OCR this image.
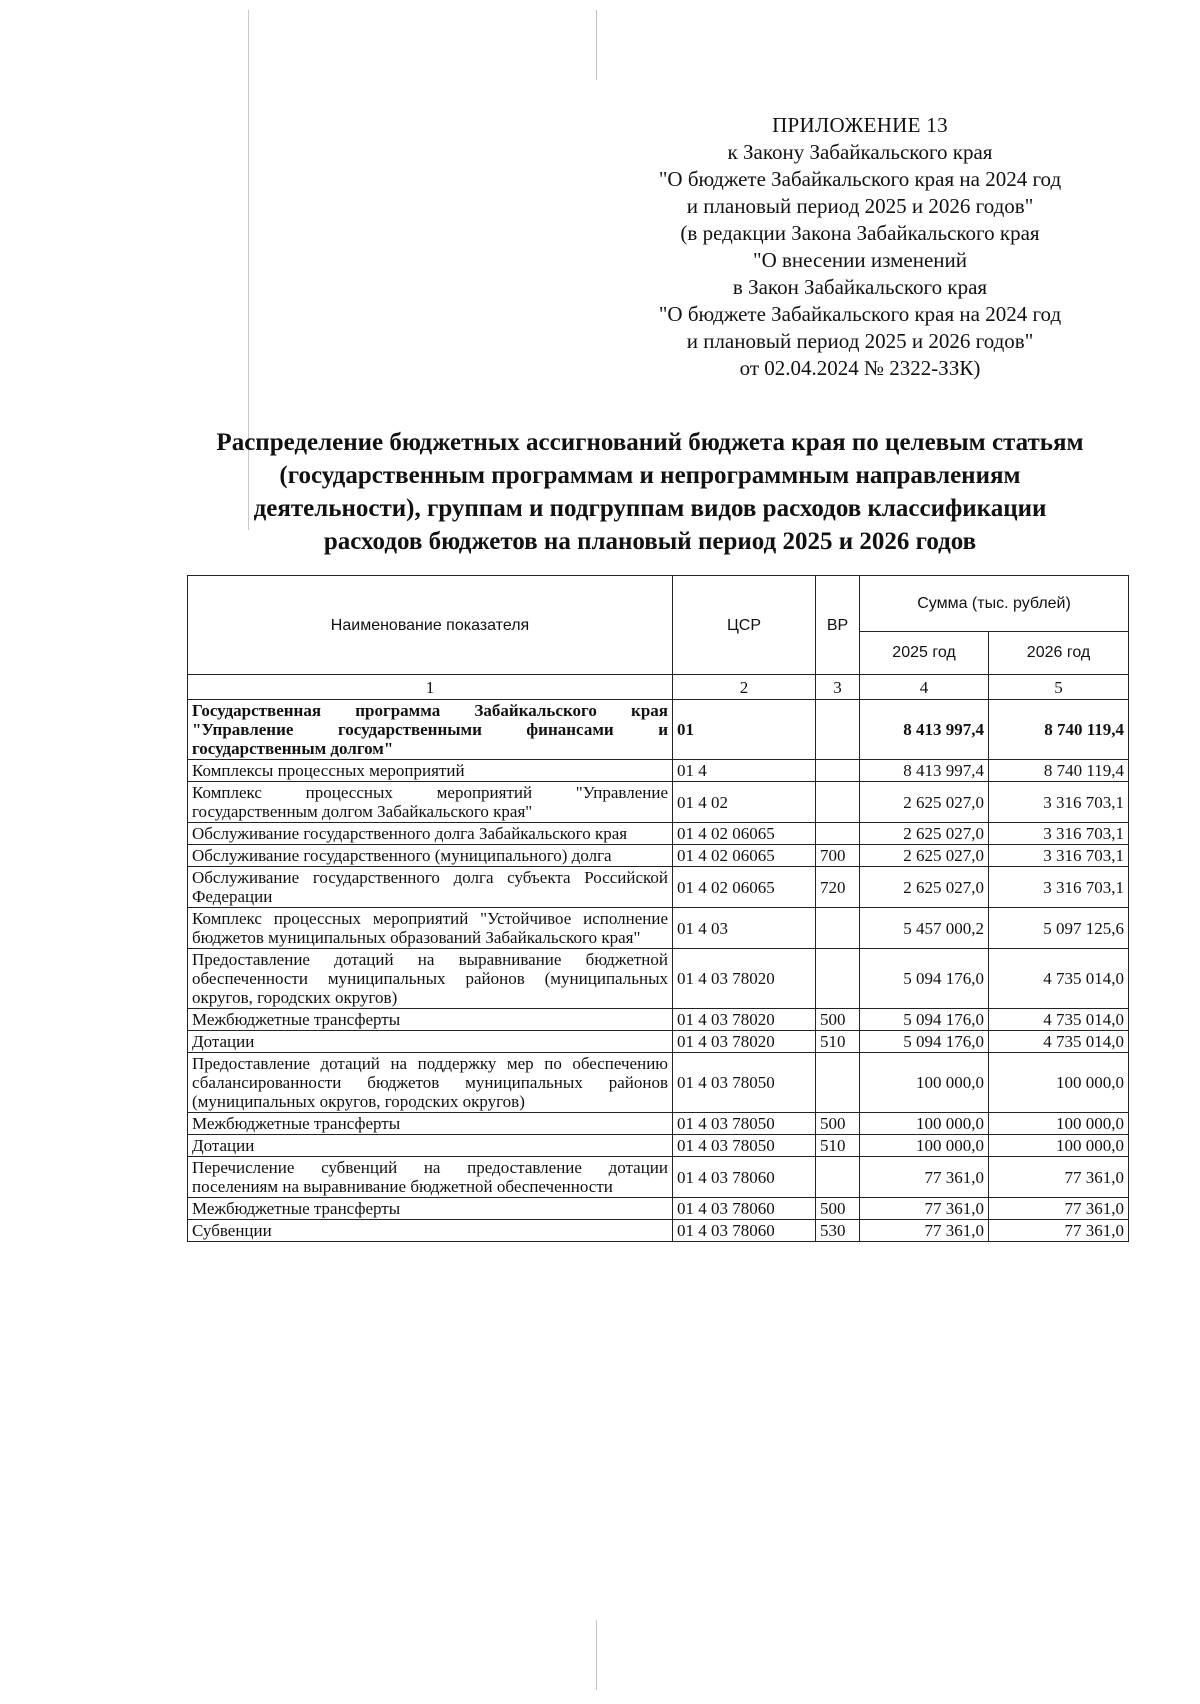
ПРИЛОЖЕНИЕ 13
к Закону Забайкальского края
"О бюджете Забайкальского края на 2024 год
и плановый период 2025 и 2026 годов"
(в редакции Закона Забайкальского края
"О внесении изменений
в Закон Забайкальского края
"О бюджете Забайкальского края на 2024 год
и плановый период 2025 и 2026 годов"
от 02.04.2024 № 2322-ЗЗК)
Распределение бюджетных ассигнований бюджета края по целевым статьям
(государственным программам и непрограммным направлениям
деятельности), группам и подгруппам видов расходов классификации
расходов бюджетов на плановый период 2025 и 2026 годов
Наименование показателя	ЦСР	ВР	Сумма (тыс. рублей)	
			2025 год	2026 год
1	2	3	4	5
Государственная программа Забайкальского края "Управление государственными финансами и государственным долгом"	01		8 413 997,4	8 740 119,4
Комплексы процессных мероприятий	01 4		8 413 997,4	8 740 119,4
Комплекс процессных мероприятий "Управление государственным долгом Забайкальского края"	01 4 02		2 625 027,0	3 316 703,1
Обслуживание государственного долга Забайкальского края	01 4 02 06065		2 625 027,0	3 316 703,1
Обслуживание государственного (муниципального) долга	01 4 02 06065	700	2 625 027,0	3 316 703,1
Обслуживание государственного долга субъекта Российской Федерации	01 4 02 06065	720	2 625 027,0	3 316 703,1
Комплекс процессных мероприятий "Устойчивое исполнение бюджетов муниципальных образований Забайкальского края"	01 4 03		5 457 000,2	5 097 125,6
Предоставление дотаций на выравнивание бюджетной обеспеченности муниципальных районов (муниципальных округов, городских округов)	01 4 03 78020		5 094 176,0	4 735 014,0
Межбюджетные трансферты	01 4 03 78020	500	5 094 176,0	4 735 014,0
Дотации	01 4 03 78020	510	5 094 176,0	4 735 014,0
Предоставление дотаций на поддержку мер по обеспечению сбалансированности бюджетов муниципальных районов (муниципальных округов, городских округов)	01 4 03 78050		100 000,0	100 000,0
Межбюджетные трансферты	01 4 03 78050	500	100 000,0	100 000,0
Дотации	01 4 03 78050	510	100 000,0	100 000,0
Перечисление субвенций на предоставление дотации поселениям на выравнивание бюджетной обеспеченности	01 4 03 78060		77 361,0	77 361,0
Межбюджетные трансферты	01 4 03 78060	500	77 361,0	77 361,0
Субвенции	01 4 03 78060	530	77 361,0	77 361,0
